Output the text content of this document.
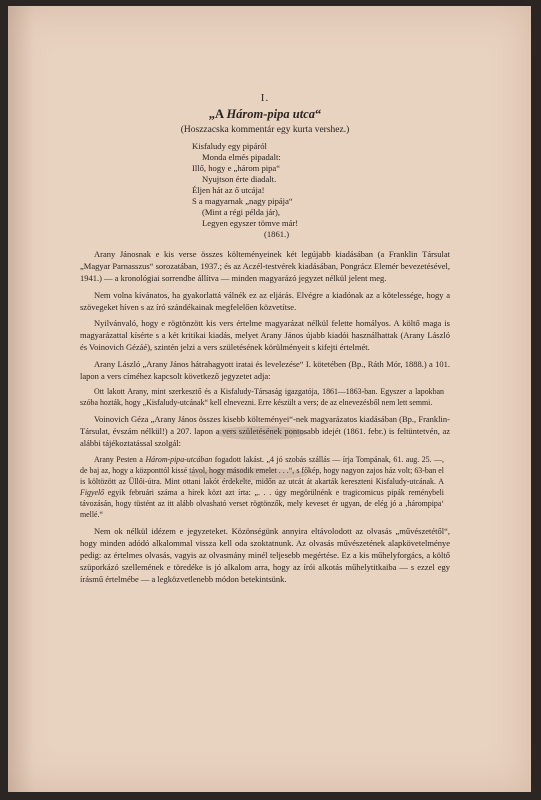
I.

„A Három-pipa utca“

(Hoszzacska kommentár egy kurta vershez.)
Kisfaludy egy pipáról
Monda elmés pipadalt:
Illő, hogy e „három pipa“
Nyujtson érte diadalt.
Éljen hát az ő utcája!
S a magyarnak „nagy pipája“
(Mint a régi példa jár),
Legyen egyszer tömve már!
(1861.)

Arany Jánosnak e kis verse összes költeményeinek két legújabb kiadásában (a Franklin Társulat „Magyar Parnasszus“ sorozatában, 1937.; és az Aczél-testvérek kiadásában, Pongrácz Elemér bevezetésével, 1941.) — a kronológiai sorrendbe állítva — minden magyarázó jegyzet nélkül jelent meg.

Nem volna kívánatos, ha gyakorlattá válnék ez az eljárás. Elvégre a kiadónak az a kötelessége, hogy a szövegeket híven s az író szándékainak megfelelően közvetítse.

Nyilvánvaló, hogy e rögtönzött kis vers értelme magyarázat nélkül felette homályos. A költő maga is magyarázattal kísérte s a két kritikai kiadás, melyet Arany János újabb kiadói használhattak (Arany László és Voinovich Gézáé), szintén jelzi a vers születésének körülményeit s kifejti értelmét.

Arany László „Arany János hátrahagyott iratai és levelezése“ I. kötetében (Bp., Ráth Mór, 1888.) a 101. lapon a vers címéhez kapcsolt következő jegyzetet adja:

Ott lakott Arany, mint szerkesztő és a Kisfaludy-Társaság igazgatója, 1861—1863-ban. Egyszer a lapokban szóba hozták, hogy „Kisfaludy-utcának“ kell elnevezni. Erre készült a vers; de az elnevezésből nem lett semmi.

Voinovich Géza „Arany János összes kisebb költeményei“-nek magyarázatos kiadásában (Bp., Franklin-Társulat, évszám nélkül!) a 207. lapon a vers születésének pontosabb idejét (1861. febr.) is feltüntetvén, az alábbi tájékoztatással szolgál:

Arany Pesten a Három-pipa-utcában fogadott lakást. „4 jó szobás szállás — írja Tompának, 61. aug. 25. —, de baj az, hogy a központtól kissé távol, hogy második emelet . . .“, s főkép, hogy nagyon zajos ház volt; 63-ban el is költözött az Üllői-útra. Mint ottani lakót érdekelte, midőn az utcát át akarták kereszteni Kisfaludy-utcának. A Figyelő egyik februári száma a hírek közt azt írta: „. . . úgy megörülnénk e tragicomicus pipák reménybeli távozásán, hogy tüstént az itt alább olvasható verset rögtönzők, mely keveset ér ugyan, de elég jó a ‚hárompipa‘ mellé.“

Nem ok nélkül idézem e jegyzeteket. Közönségünk annyira eltávolodott az olvasás „művészetétől“, hogy minden adódó alkalommal vissza kell oda szoktatnunk. Az olvasás művészetének alapkövetelménye pedig: az értelmes olvasás, vagyis az olvasmány minél teljesebb megértése. Ez a kis műhelyforgács, a költő szüporkázó szellemének e töredéke is jó alkalom arra, hogy az írói alkotás műhelytitkaiba — s ezzel egy írásmű értelmébe — a legközvetlenebb módon betekintsünk.
